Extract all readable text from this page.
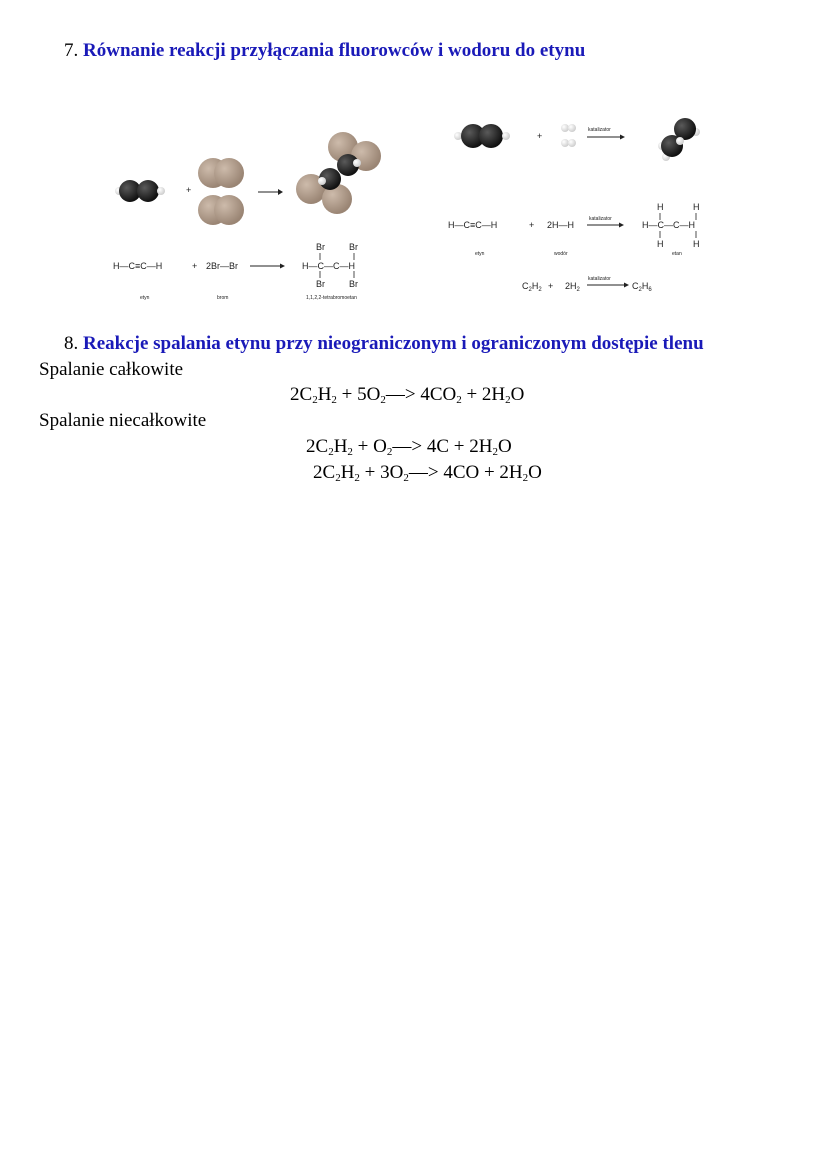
7. Równanie reakcji przyłączania fluorowców i wodoru do etynu
+
H—C≡C—H	+ 2Br—Br
Br	Br
H—C—C—H
Br	Br
etyn	brom	1,1,2,2-tetrabromoetan
+
katalizator
H—C≡C—H	+ 2H—H
katalizator
H	H
H—C—C—H
H	H
etyn	wodór	etan
$C_2H_2 + 2H_2$
katalizator
$C_2H_6$
8. Reakcje spalania etynu przy nieograniczonym i ograniczonym dostępie tlenu
Spalanie całkowite
$2C_2H_2$ + $5O_2—> 4CO_2 + 2H_2O$
Spalanie niecałkowite
$2C_2H_2$ + $O_2—> 4C + 2H_2O$
$2C_2H_2$ + $3O_2—> 4CO + 2H_2O$
